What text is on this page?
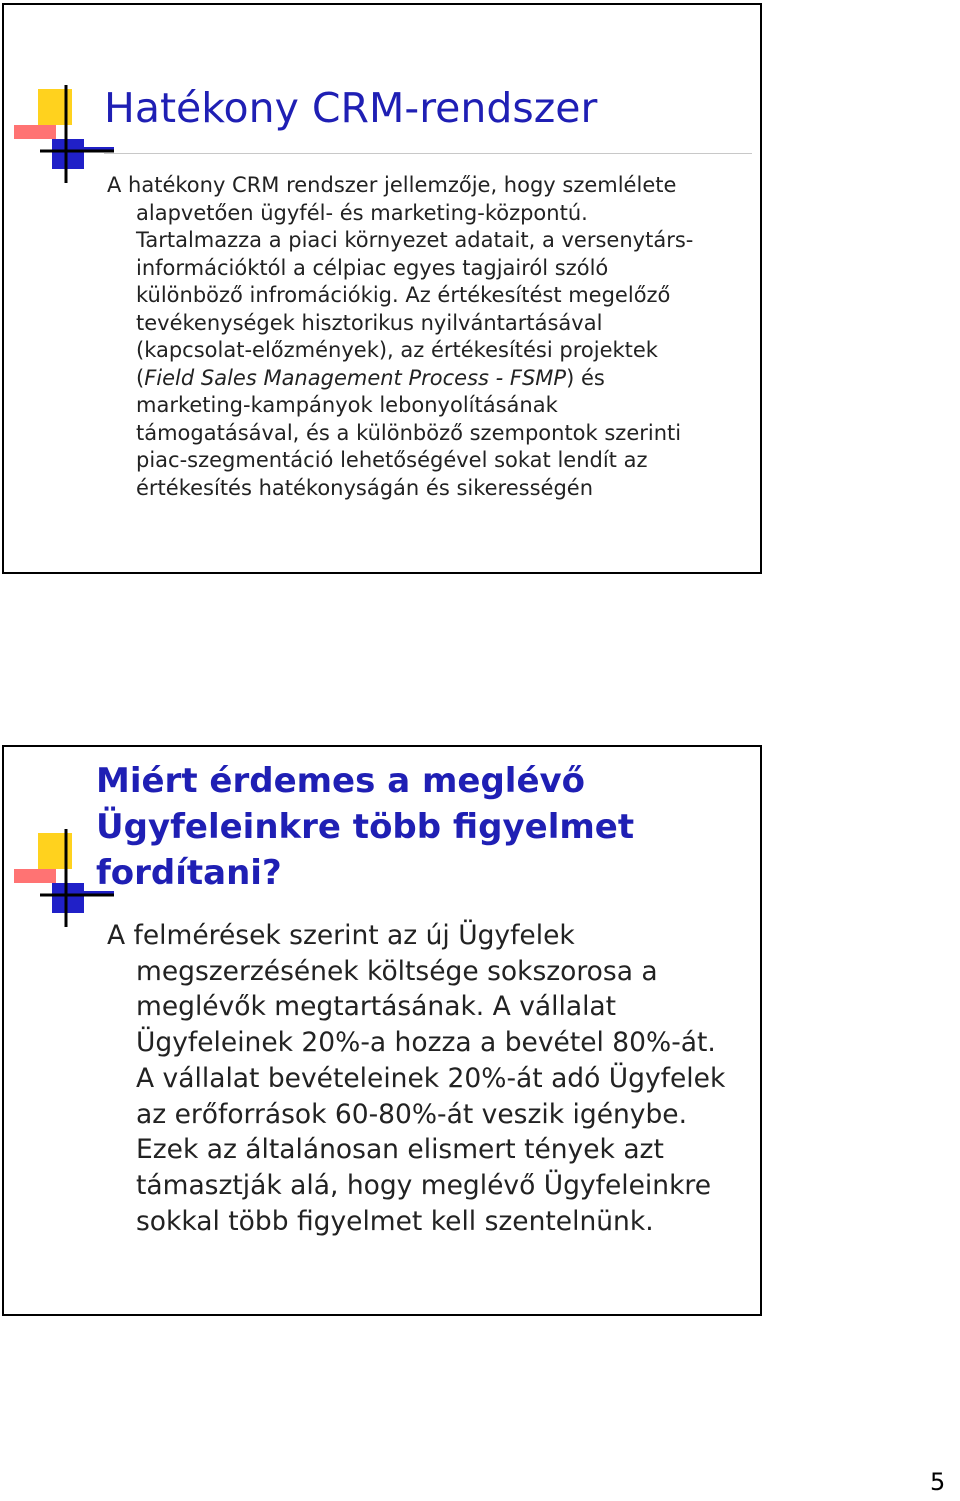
Hatékony CRM-rendszer

A hatékony CRM rendszer jellemzője, hogy szemlélete
alapvetően ügyfél- és marketing-központú.
Tartalmazza a piaci környezet adatait, a versenytárs-
információktól a célpiac egyes tagjairól szóló
különböző infromációkig. Az értékesítést megelőző
tevékenységek hisztorikus nyilvántartásával
(kapcsolat-előzmények), az értékesítési projektek
(Field Sales Management Process - FSMP) és
marketing-kampányok lebonyolításának
támogatásával, és a különböző szempontok szerinti
piac-szegmentáció lehetőségével sokat lendít az
értékesítés hatékonyságán és sikerességén

Miért érdemes a meglévő
Ügyfeleinkre több figyelmet
fordítani?

A felmérések szerint az új Ügyfelek
megszerzésének költsége sokszorosa a
meglévők megtartásának. A vállalat
Ügyfeleinek 20%-a hozza a bevétel 80%-át.
A vállalat bevételeinek 20%-át adó Ügyfelek
az erőforrások 60-80%-át veszik igénybe.
Ezek az általánosan elismert tények azt
támasztják alá, hogy meglévő Ügyfeleinkre
sokkal több figyelmet kell szentelnünk.

5
